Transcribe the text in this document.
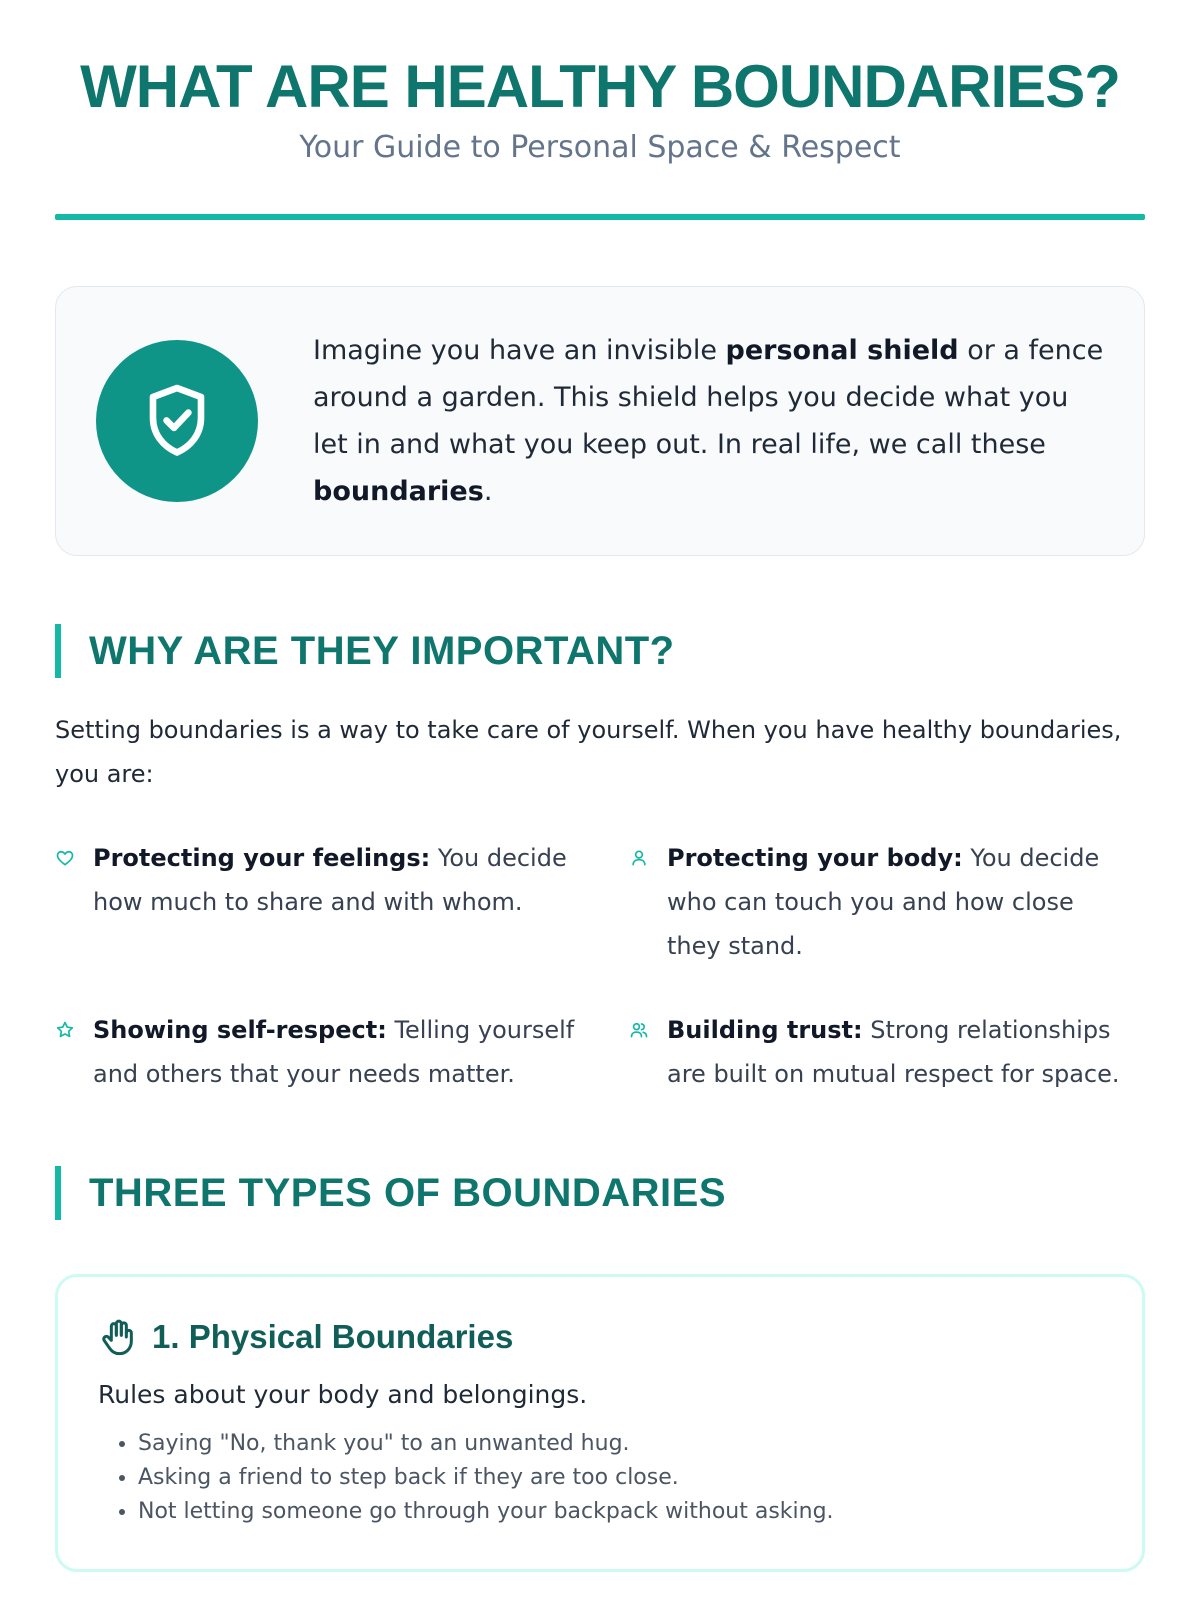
WHAT ARE HEALTHY BOUNDARIES?
Your Guide to Personal Space & Respect
Imagine you have an invisible personal shield or a fence around a garden. This shield helps you decide what you let in and what you keep out. In real life, we call these boundaries.
WHY ARE THEY IMPORTANT?
Setting boundaries is a way to take care of yourself. When you have healthy boundaries, you are:
Protecting your feelings: You decide how much to share and with whom.
Protecting your body: You decide who can touch you and how close they stand.
Showing self-respect: Telling yourself and others that your needs matter.
Building trust: Strong relationships are built on mutual respect for space.
THREE TYPES OF BOUNDARIES
1. Physical Boundaries
Rules about your body and belongings.
• Saying "No, thank you" to an unwanted hug.
• Asking a friend to step back if they are too close.
• Not letting someone go through your backpack without asking.
